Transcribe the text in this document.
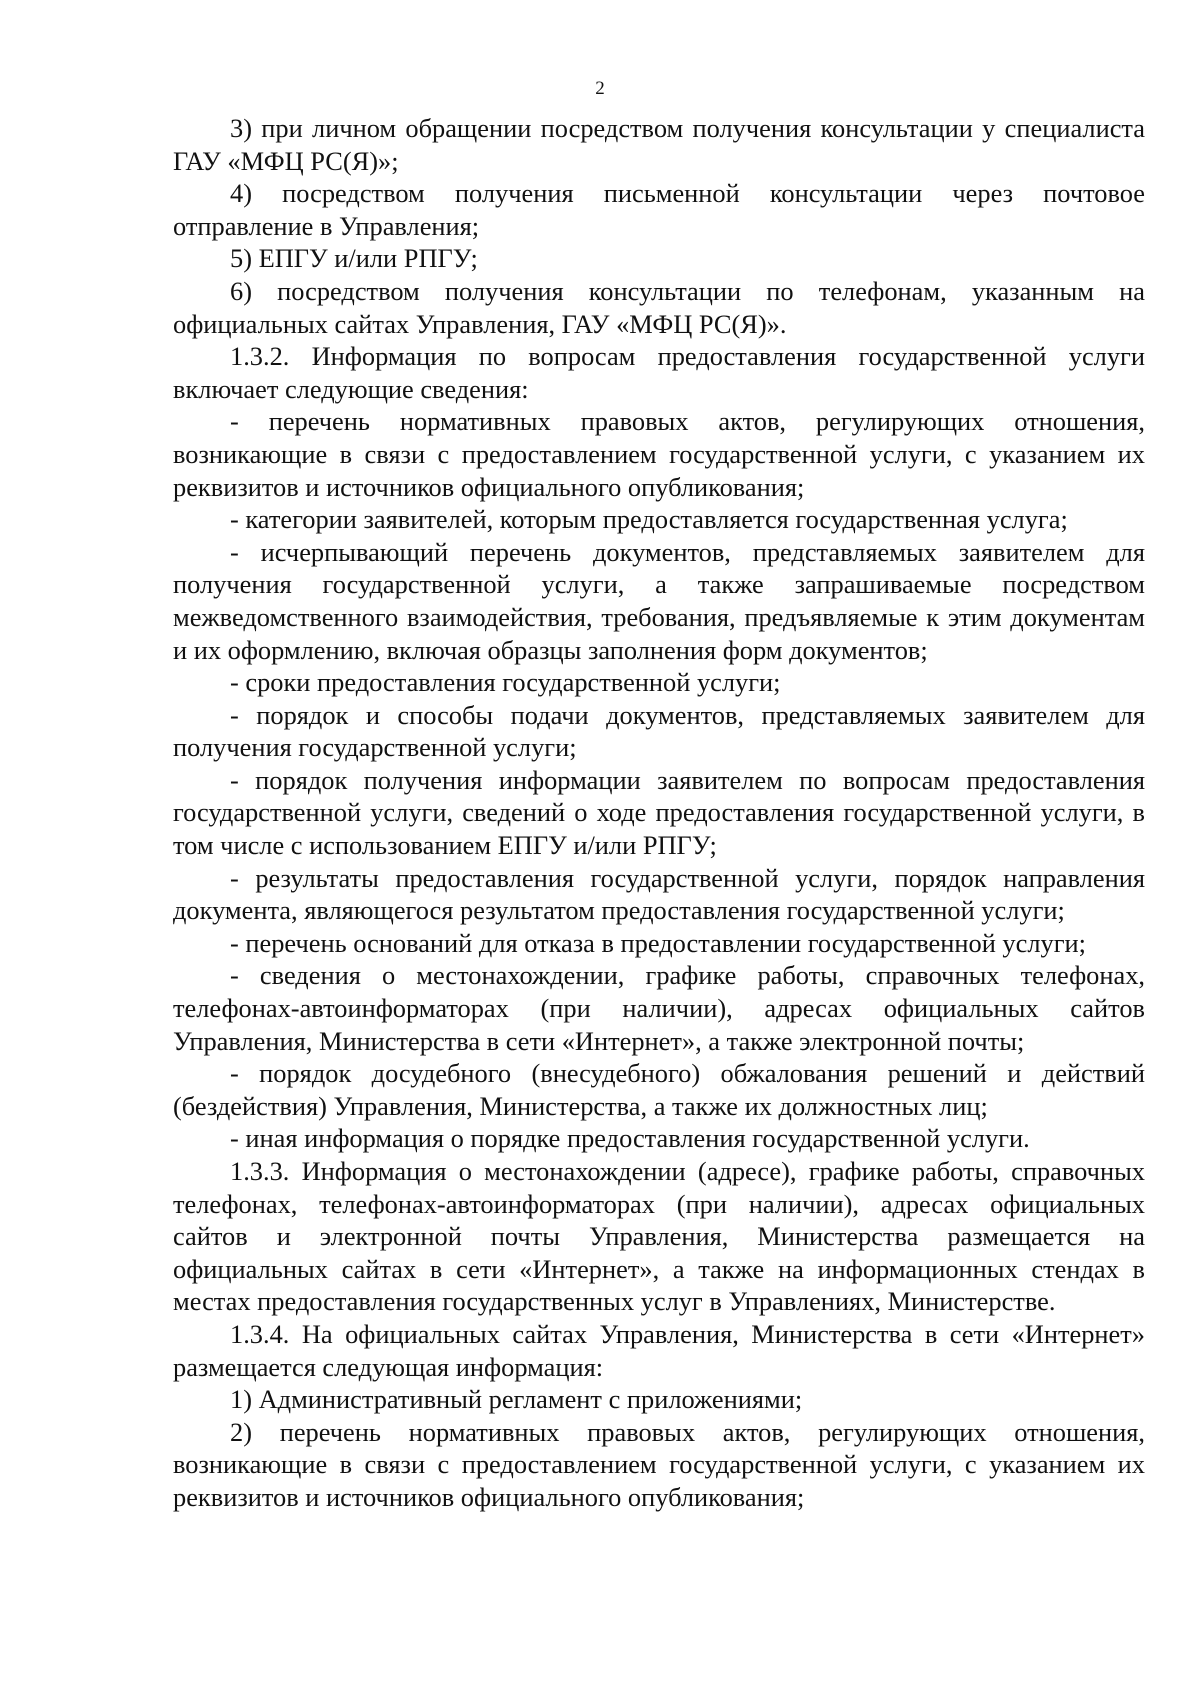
2

3) при личном обращении посредством получения консультации у специалиста ГАУ «МФЦ РС(Я)»;

4) посредством получения письменной консультации через почтовое отправление в Управления;

5) ЕПГУ и/или РПГУ;

6) посредством получения консультации по телефонам, указанным на официальных сайтах Управления, ГАУ «МФЦ РС(Я)».

1.3.2. Информация по вопросам предоставления государственной услуги включает следующие сведения:

- перечень нормативных правовых актов, регулирующих отношения, возникающие в связи с предоставлением государственной услуги, с указанием их реквизитов и источников официального опубликования;

- категории заявителей, которым предоставляется государственная услуга;

- исчерпывающий перечень документов, представляемых заявителем для получения государственной услуги, а также запрашиваемые посредством межведомственного взаимодействия, требования, предъявляемые к этим документам и их оформлению, включая образцы заполнения форм документов;

- сроки предоставления государственной услуги;

- порядок и способы подачи документов, представляемых заявителем для получения государственной услуги;

- порядок получения информации заявителем по вопросам предоставления государственной услуги, сведений о ходе предоставления государственной услуги, в том числе с использованием ЕПГУ и/или РПГУ;

- результаты предоставления государственной услуги, порядок направления документа, являющегося результатом предоставления государственной услуги;

- перечень оснований для отказа в предоставлении государственной услуги;

- сведения о местонахождении, графике работы, справочных телефонах, телефонах-автоинформаторах (при наличии), адресах официальных сайтов Управления, Министерства в сети «Интернет», а также электронной почты;

- порядок досудебного (внесудебного) обжалования решений и действий (бездействия) Управления, Министерства, а также их должностных лиц;

- иная информация о порядке предоставления государственной услуги.

1.3.3. Информация о местонахождении (адресе), графике работы, справочных телефонах, телефонах-автоинформаторах (при наличии), адресах официальных сайтов и электронной почты Управления, Министерства размещается на официальных сайтах в сети «Интернет», а также на информационных стендах в местах предоставления государственных услуг в Управлениях, Министерстве.

1.3.4. На официальных сайтах Управления, Министерства в сети «Интернет» размещается следующая информация:

1) Административный регламент с приложениями;

2) перечень нормативных правовых актов, регулирующих отношения, возникающие в связи с предоставлением государственной услуги, с указанием их реквизитов и источников официального опубликования;
